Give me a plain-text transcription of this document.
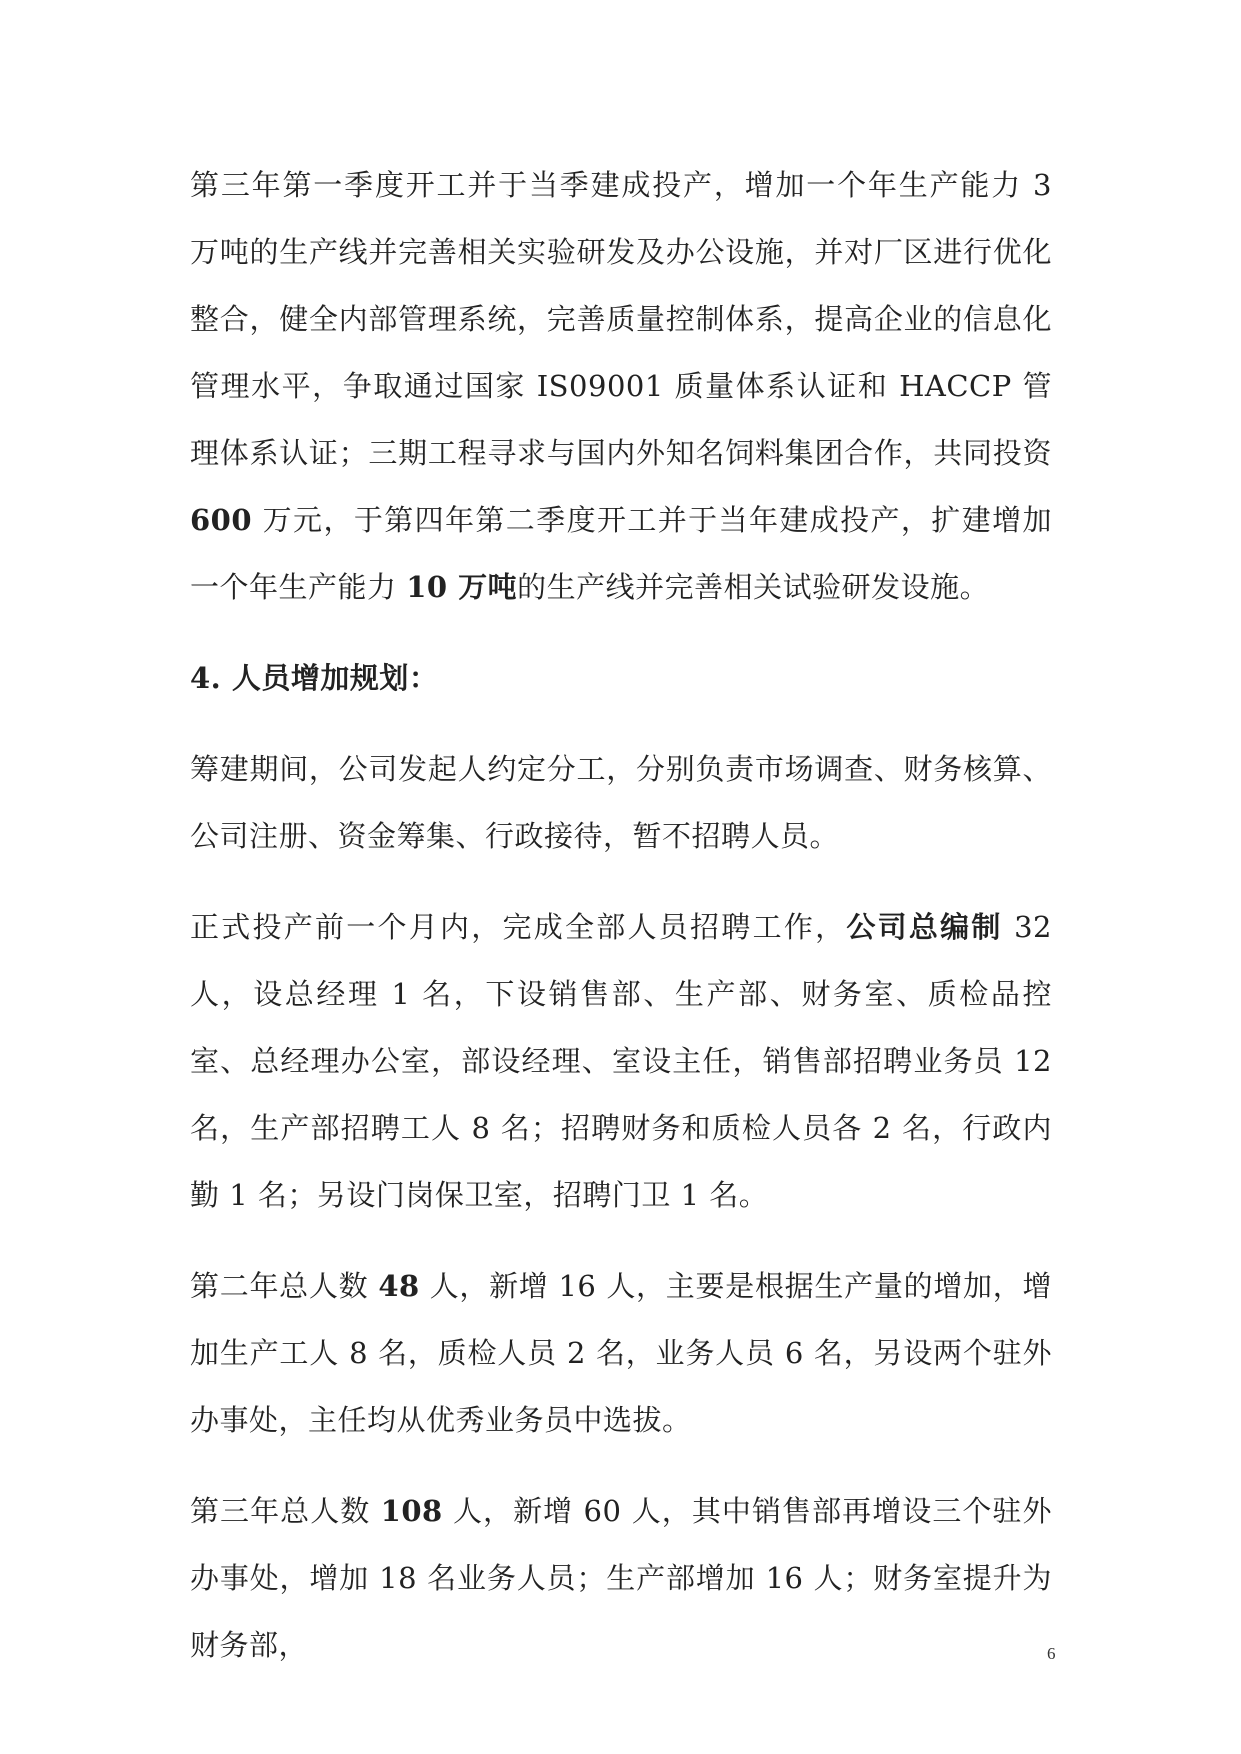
第三年第一季度开工并于当季建成投产，增加一个年生产能力 3 万吨的生产线并完善相关实验研发及办公设施，并对厂区进行优化整合，健全内部管理系统，完善质量控制体系，提高企业的信息化管理水平，争取通过国家 IS09001 质量体系认证和 HACCP 管理体系认证；三期工程寻求与国内外知名饲料集团合作，共同投资600 万元，于第四年第二季度开工并于当年建成投产，扩建增加一个年生产能力 10 万吨的生产线并完善相关试验研发设施。

4. 人员增加规划：

筹建期间，公司发起人约定分工，分别负责市场调查、财务核算、公司注册、资金筹集、行政接待，暂不招聘人员。

正式投产前一个月内，完成全部人员招聘工作，公司总编制 32 人，设总经理 1 名，下设销售部、生产部、财务室、质检品控室、总经理办公室，部设经理、室设主任，销售部招聘业务员 12 名，生产部招聘工人 8 名；招聘财务和质检人员各 2 名，行政内勤 1 名；另设门岗保卫室，招聘门卫 1 名。

第二年总人数 48 人，新增 16 人，主要是根据生产量的增加，增加生产工人 8 名，质检人员 2 名，业务人员 6 名，另设两个驻外办事处，主任均从优秀业务员中选拔。

第三年总人数 108 人，新增 60 人，其中销售部再增设三个驻外办事处，增加 18 名业务人员；生产部增加 16 人；财务室提升为财务部，	6
